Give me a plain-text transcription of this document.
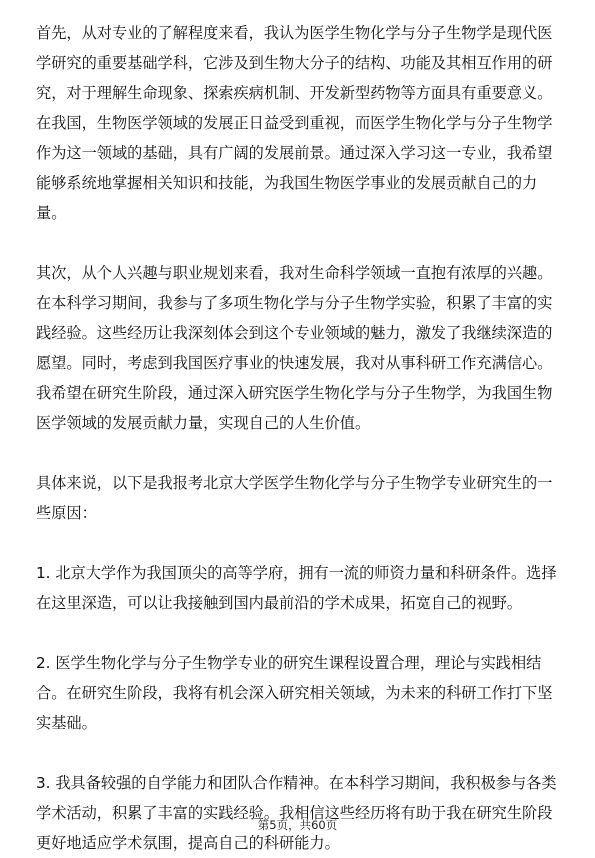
首先，从对专业的了解程度来看，我认为医学生物化学与分子生物学是现代医学研究的重要基础学科，它涉及到生物大分子的结构、功能及其相互作用的研究，对于理解生命现象、探索疾病机制、开发新型药物等方面具有重要意义。在我国，生物医学领域的发展正日益受到重视，而医学生物化学与分子生物学作为这一领域的基础，具有广阔的发展前景。通过深入学习这一专业，我希望能够系统地掌握相关知识和技能，为我国生物医学事业的发展贡献自己的力量。

其次，从个人兴趣与职业规划来看，我对生命科学领域一直抱有浓厚的兴趣。在本科学习期间，我参与了多项生物化学与分子生物学实验，积累了丰富的实践经验。这些经历让我深刻体会到这个专业领域的魅力，激发了我继续深造的愿望。同时，考虑到我国医疗事业的快速发展，我对从事科研工作充满信心。我希望在研究生阶段，通过深入研究医学生物化学与分子生物学，为我国生物医学领域的发展贡献力量，实现自己的人生价值。

具体来说，以下是我报考北京大学医学生物化学与分子生物学专业研究生的一些原因：

1. 北京大学作为我国顶尖的高等学府，拥有一流的师资力量和科研条件。选择在这里深造，可以让我接触到国内最前沿的学术成果，拓宽自己的视野。

2. 医学生物化学与分子生物学专业的研究生课程设置合理，理论与实践相结合。在研究生阶段，我将有机会深入研究相关领域，为未来的科研工作打下坚实基础。

3. 我具备较强的自学能力和团队合作精神。在本科学习期间，我积极参与各类学术活动，积累了丰富的实践经验。我相信这些经历将有助于我在研究生阶段更好地适应学术氛围，提高自己的科研能力。

第5页，共60页
